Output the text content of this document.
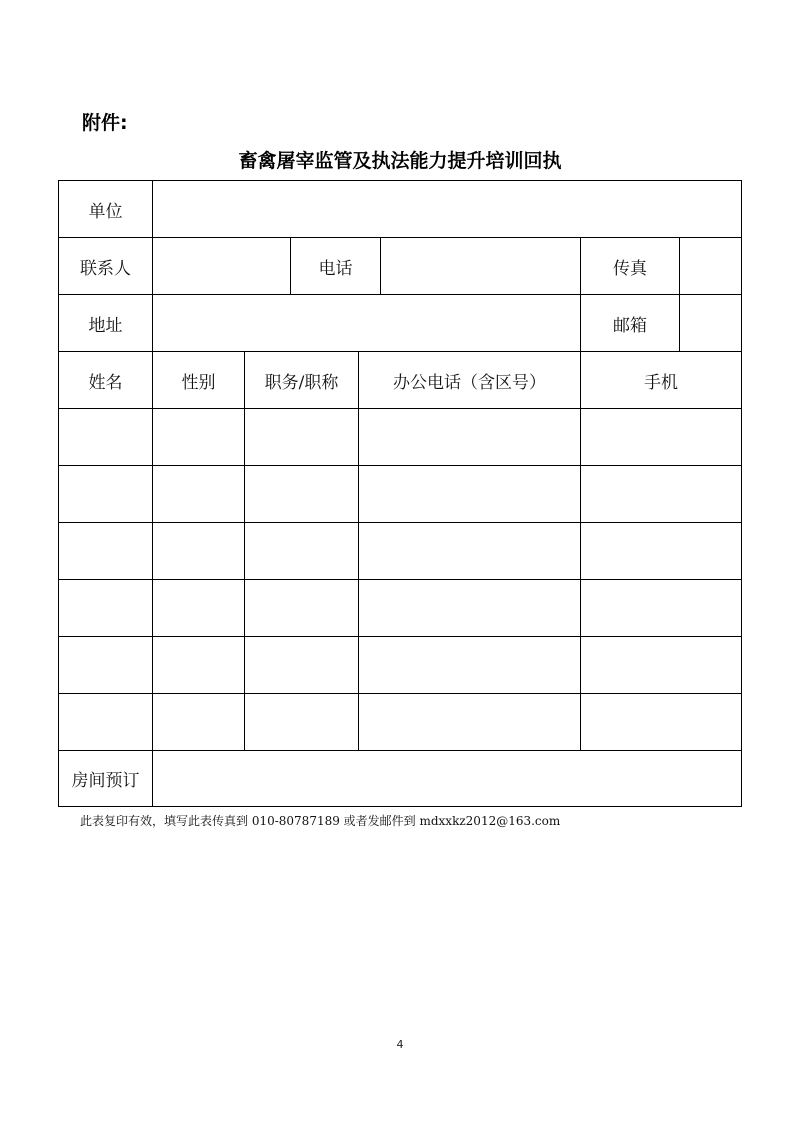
附件:
畜禽屠宰监管及执法能力提升培训回执
单位							
联系人			电话			传真	
地址						邮箱	
姓名	性别	职务/职称		办公电话（含区号）		手机	

房间预订							
此表复印有效，填写此表传真到 010-80787189 或者发邮件到 mdxxkz2012@163.com
4
